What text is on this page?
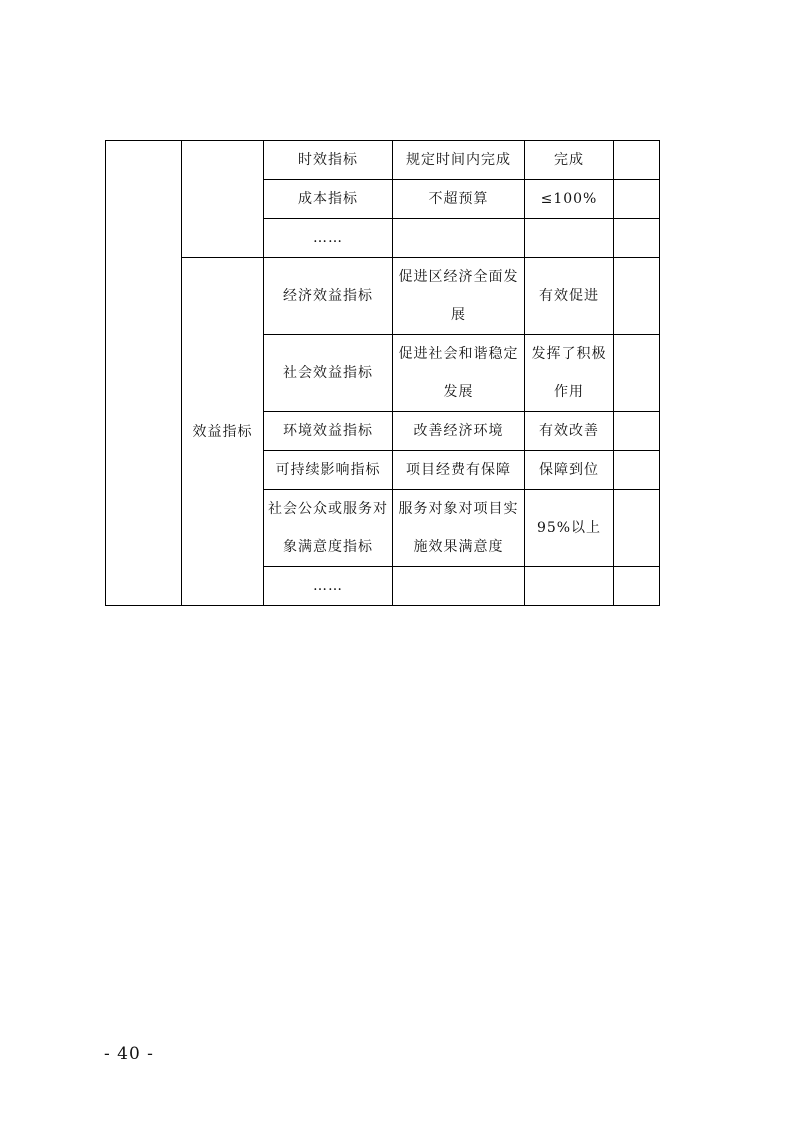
		时效指标	规定时间内完成	完成	
		成本指标	不超预算	≤100%	
		……			
	效益指标	经济效益指标	促进区经济全面发展	有效促进	
		社会效益指标	促进社会和谐稳定发展	发挥了积极作用	
		环境效益指标	改善经济环境	有效改善	
		可持续影响指标	项目经费有保障	保障到位	
		社会公众或服务对象满意度指标	服务对象对项目实施效果满意度	95%以上	
		……			
- 40 -
